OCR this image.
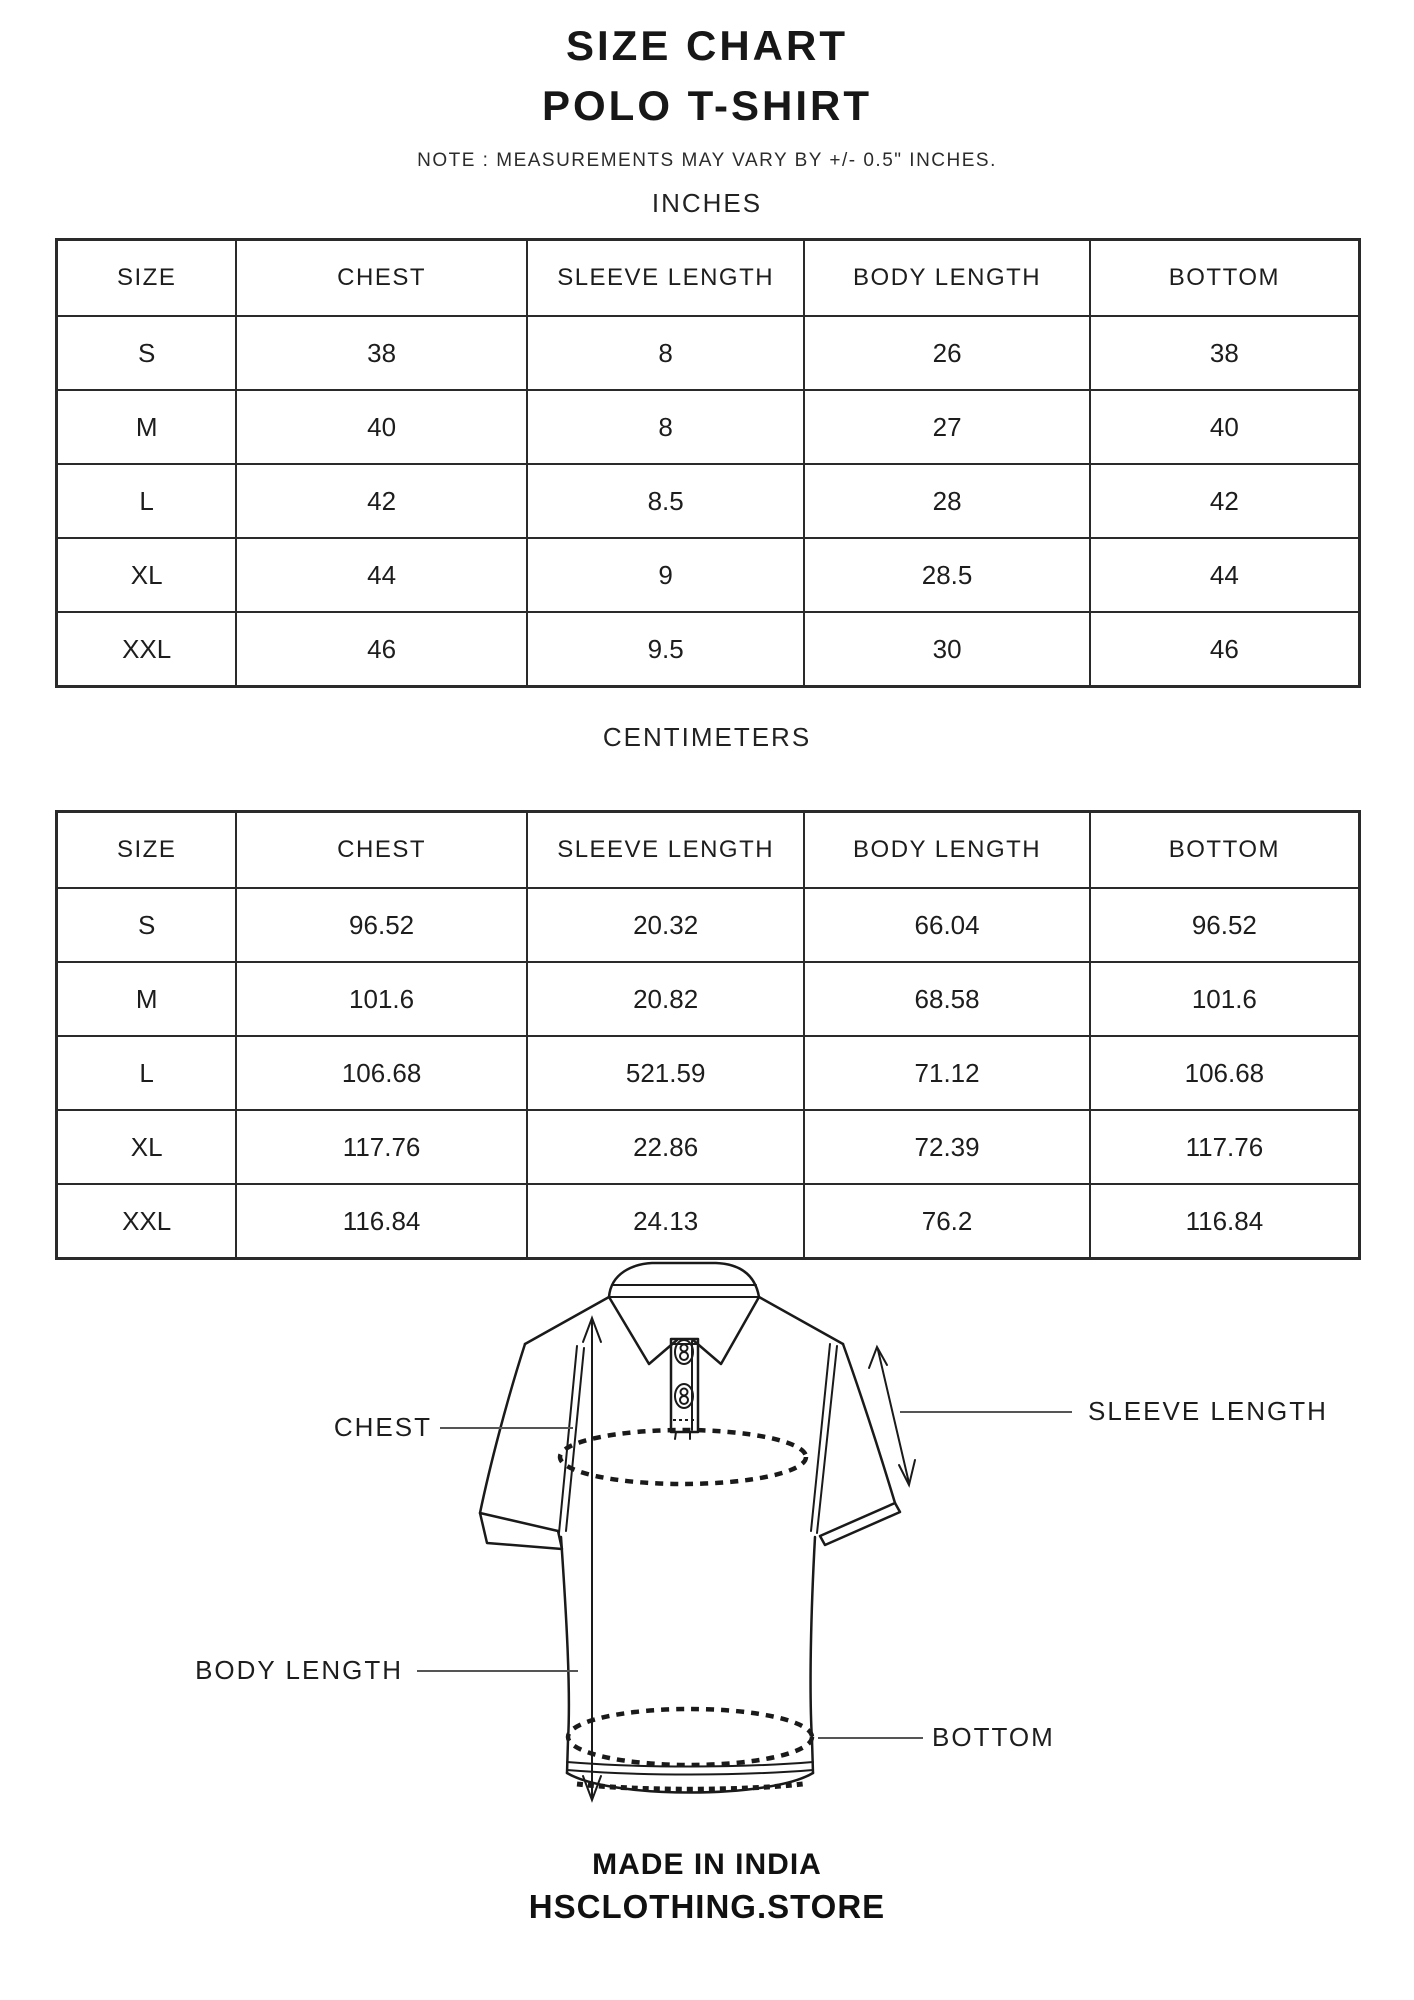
SIZE CHART
POLO T-SHIRT
NOTE : MEASUREMENTS MAY VARY BY +/- 0.5" INCHES.
INCHES
SIZE	CHEST	SLEEVE LENGTH	BODY LENGTH	BOTTOM
S	38	8	26	38
M	40	8	27	40
L	42	8.5	28	42
XL	44	9	28.5	44
XXL	46	9.5	30	46
CENTIMETERS
SIZE	CHEST	SLEEVE LENGTH	BODY LENGTH	BOTTOM
S	96.52	20.32	66.04	96.52
M	101.6	20.82	68.58	101.6
L	106.68	521.59	71.12	106.68
XL	117.76	22.86	72.39	117.76
XXL	116.84	24.13	76.2	116.84
CHEST
SLEEVE LENGTH
BODY LENGTH
BOTTOM
MADE IN INDIA
HSCLOTHING.STORE
